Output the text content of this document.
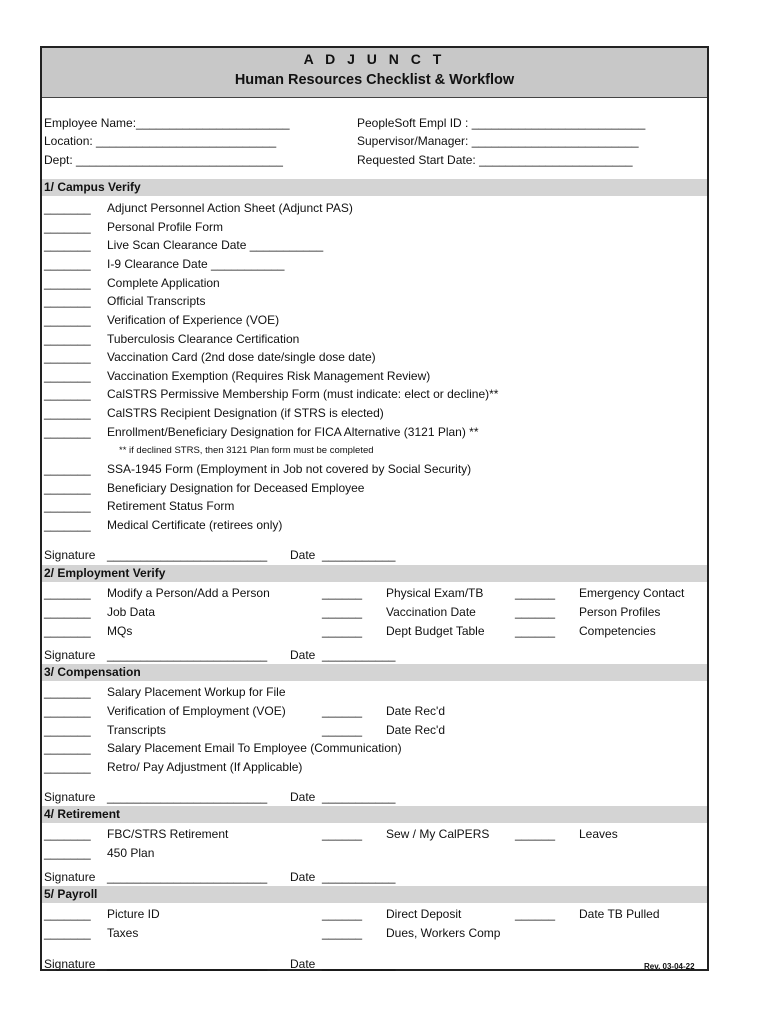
A D J U N C T
Human Resources Checklist & Workflow
Employee Name:_______________________
Location: ___________________________
Dept: _______________________________
PeopleSoft Empl ID : __________________________
Supervisor/Manager: _________________________
Requested Start Date: _______________________
1/ Campus Verify
_______ Adjunct Personnel Action Sheet (Adjunct PAS)
_______ Personal Profile Form
_______ Live Scan Clearance Date ___________
_______ I-9 Clearance Date ___________
_______ Complete Application
_______ Official Transcripts
_______ Verification of Experience (VOE)
_______ Tuberculosis Clearance Certification
_______ Vaccination Card (2nd dose date/single dose date)
_______ Vaccination Exemption (Requires Risk Management Review)
_______ CalSTRS Permissive Membership Form (must indicate: elect or decline)**
_______ CalSTRS Recipient Designation (if STRS is elected)
_______ Enrollment/Beneficiary Designation for FICA Alternative (3121 Plan) **
** if declined STRS, then 3121 Plan form must be completed
_______ SSA-1945 Form (Employment in Job not covered by Social Security)
_______ Beneficiary Designation for Deceased Employee
_______ Retirement Status Form
_______ Medical Certificate (retirees only)
Signature ________________________ Date ___________
2/ Employment Verify
_______ Modify a Person/Add a Person	______ Physical Exam/TB	______ Emergency Contact
_______ Job Data	______ Vaccination Date	______ Person Profiles
_______ MQs	______ Dept Budget Table	______ Competencies
Signature ________________________ Date ___________
3/ Compensation
_______ Salary Placement Workup for File
_______ Verification of Employment (VOE)	______ Date Rec'd
_______ Transcripts	______ Date Rec'd
_______ Salary Placement Email To Employee (Communication)
_______ Retro/ Pay Adjustment (If Applicable)
Signature ________________________ Date ___________
4/ Retirement
_______ FBC/STRS Retirement	______ Sew / My CalPERS ______ Leaves
_______ 450 Plan
Signature ________________________ Date ___________
5/ Payroll
_______ Picture ID	______ Direct Deposit	______ Date TB Pulled
_______ Taxes	______ Dues, Workers Comp
Signature ________________________ Date ___________	Rev. 03-04-22
